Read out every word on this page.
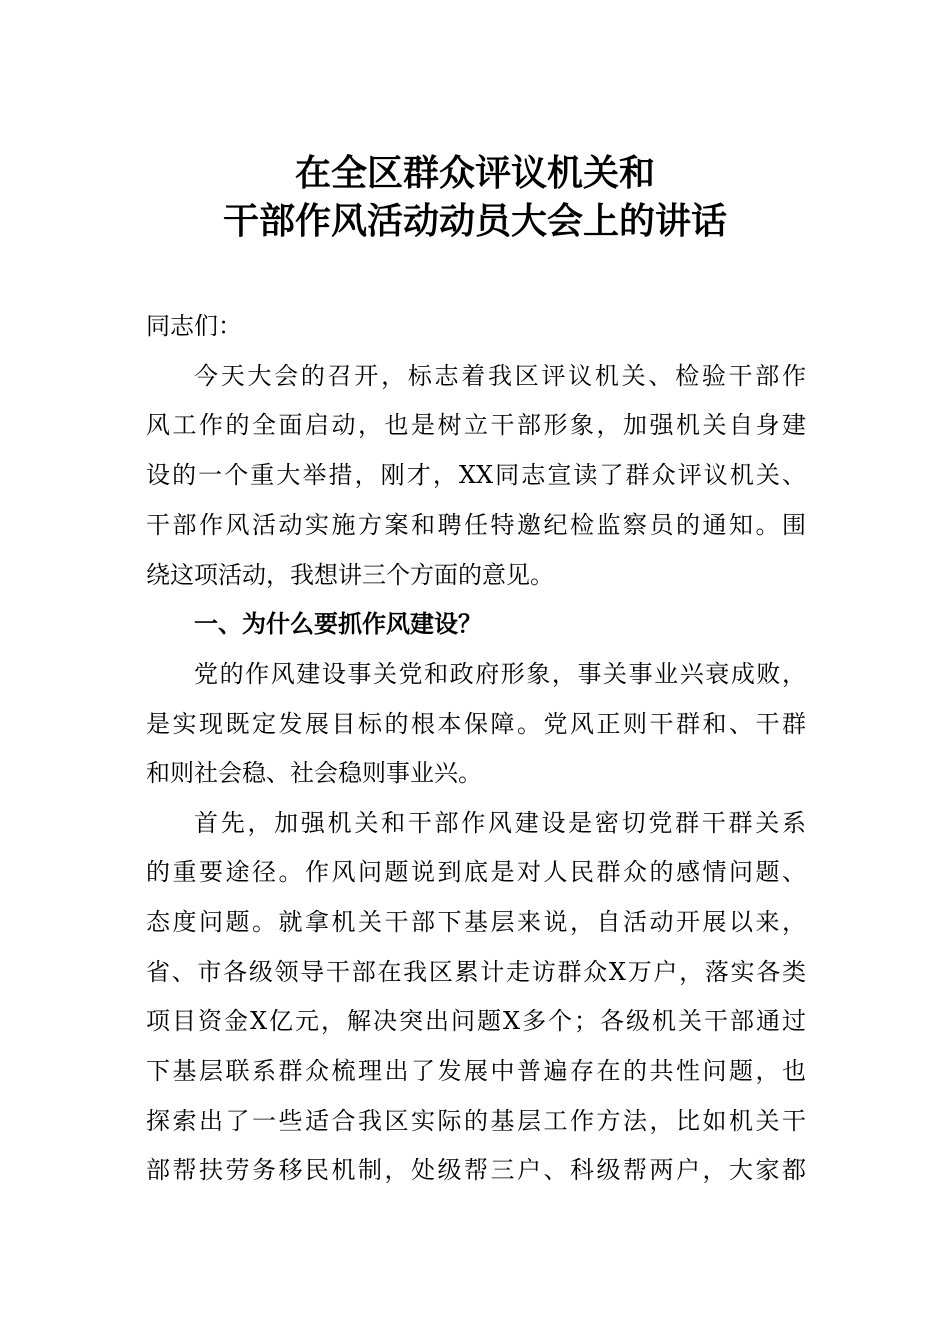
在全区群众评议机关和
干部作风活动动员大会上的讲话

同志们：

今天大会的召开，标志着我区评议机关、检验干部作

风工作的全面启动，也是树立干部形象，加强机关自身建

设的一个重大举措，刚才，XX同志宣读了群众评议机关、

干部作风活动实施方案和聘任特邀纪检监察员的通知。围

绕这项活动，我想讲三个方面的意见。

一、为什么要抓作风建设？

党的作风建设事关党和政府形象，事关事业兴衰成败，

是实现既定发展目标的根本保障。党风正则干群和、干群

和则社会稳、社会稳则事业兴。

首先，加强机关和干部作风建设是密切党群干群关系

的重要途径。作风问题说到底是对人民群众的感情问题、

态度问题。就拿机关干部下基层来说，自活动开展以来，

省、市各级领导干部在我区累计走访群众X万户，落实各类

项目资金X亿元，解决突出问题X多个；各级机关干部通过

下基层联系群众梳理出了发展中普遍存在的共性问题，也

探索出了一些适合我区实际的基层工作方法，比如机关干

部帮扶劳务移民机制，处级帮三户、科级帮两户，大家都
